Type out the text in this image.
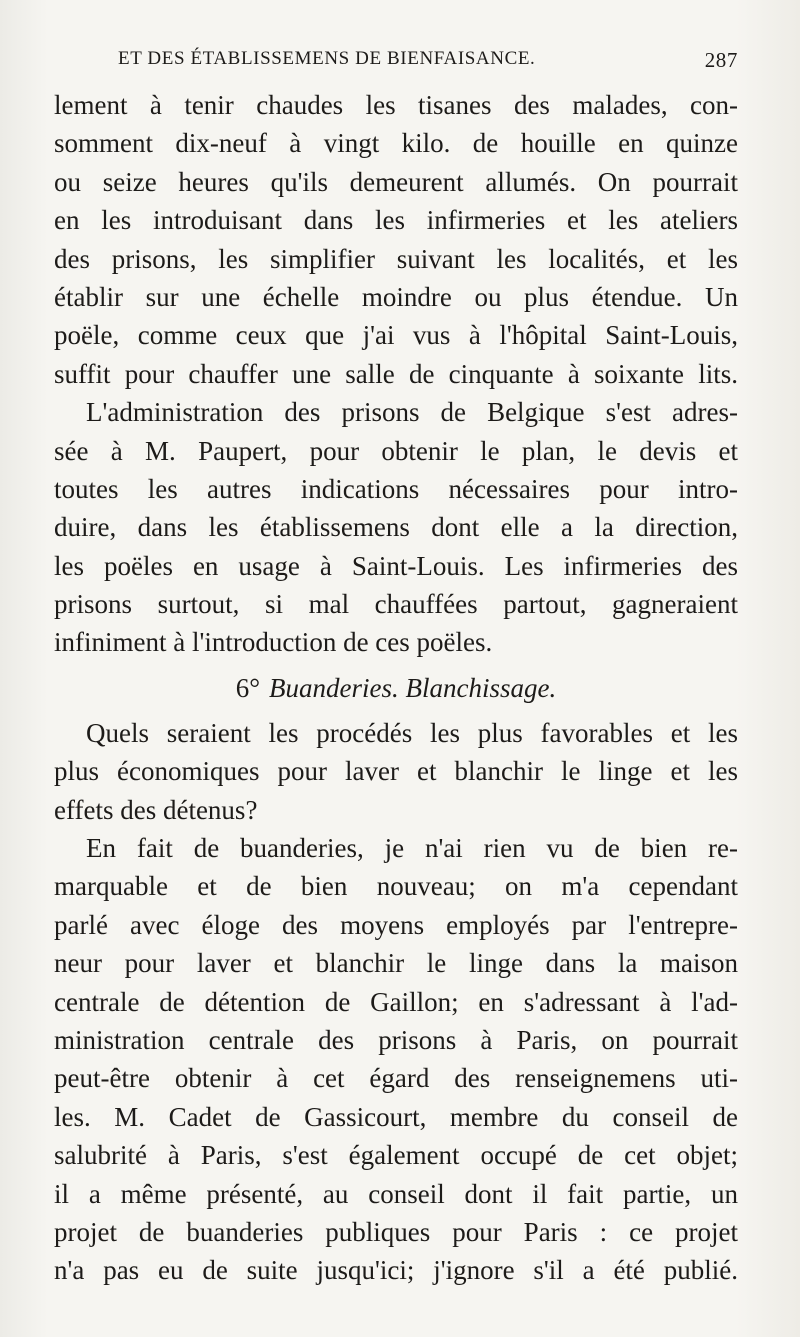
ET DES ÉTABLISSEMENS DE BIENFAISANCE.	287
lement à tenir chaudes les tisanes des malades, con-
somment dix-neuf à vingt kilo. de houille en quinze
ou seize heures qu'ils demeurent allumés. On pourrait
en les introduisant dans les infirmeries et les ateliers
des prisons, les simplifier suivant les localités, et les
établir sur une échelle moindre ou plus étendue. Un
poële, comme ceux que j'ai vus à l'hôpital Saint-Louis,
suffit pour chauffer une salle de cinquante à soixante lits.
L'administration des prisons de Belgique s'est adres-
sée à M. Paupert, pour obtenir le plan, le devis et
toutes les autres indications nécessaires pour intro-
duire, dans les établissemens dont elle a la direction,
les poëles en usage à Saint-Louis. Les infirmeries des
prisons surtout, si mal chauffées partout, gagneraient
infiniment à l'introduction de ces poëles.
6° Buanderies. Blanchissage.
Quels seraient les procédés les plus favorables et les
plus économiques pour laver et blanchir le linge et les
effets des détenus?
En fait de buanderies, je n'ai rien vu de bien re-
marquable et de bien nouveau; on m'a cependant
parlé avec éloge des moyens employés par l'entrepre-
neur pour laver et blanchir le linge dans la maison
centrale de détention de Gaillon; en s'adressant à l'ad-
ministration centrale des prisons à Paris, on pourrait
peut-être obtenir à cet égard des renseignemens uti-
les. M. Cadet de Gassicourt, membre du conseil de
salubrité à Paris, s'est également occupé de cet objet;
il a même présenté, au conseil dont il fait partie, un
projet de buanderies publiques pour Paris : ce projet
n'a pas eu de suite jusqu'ici; j'ignore s'il a été publié.
